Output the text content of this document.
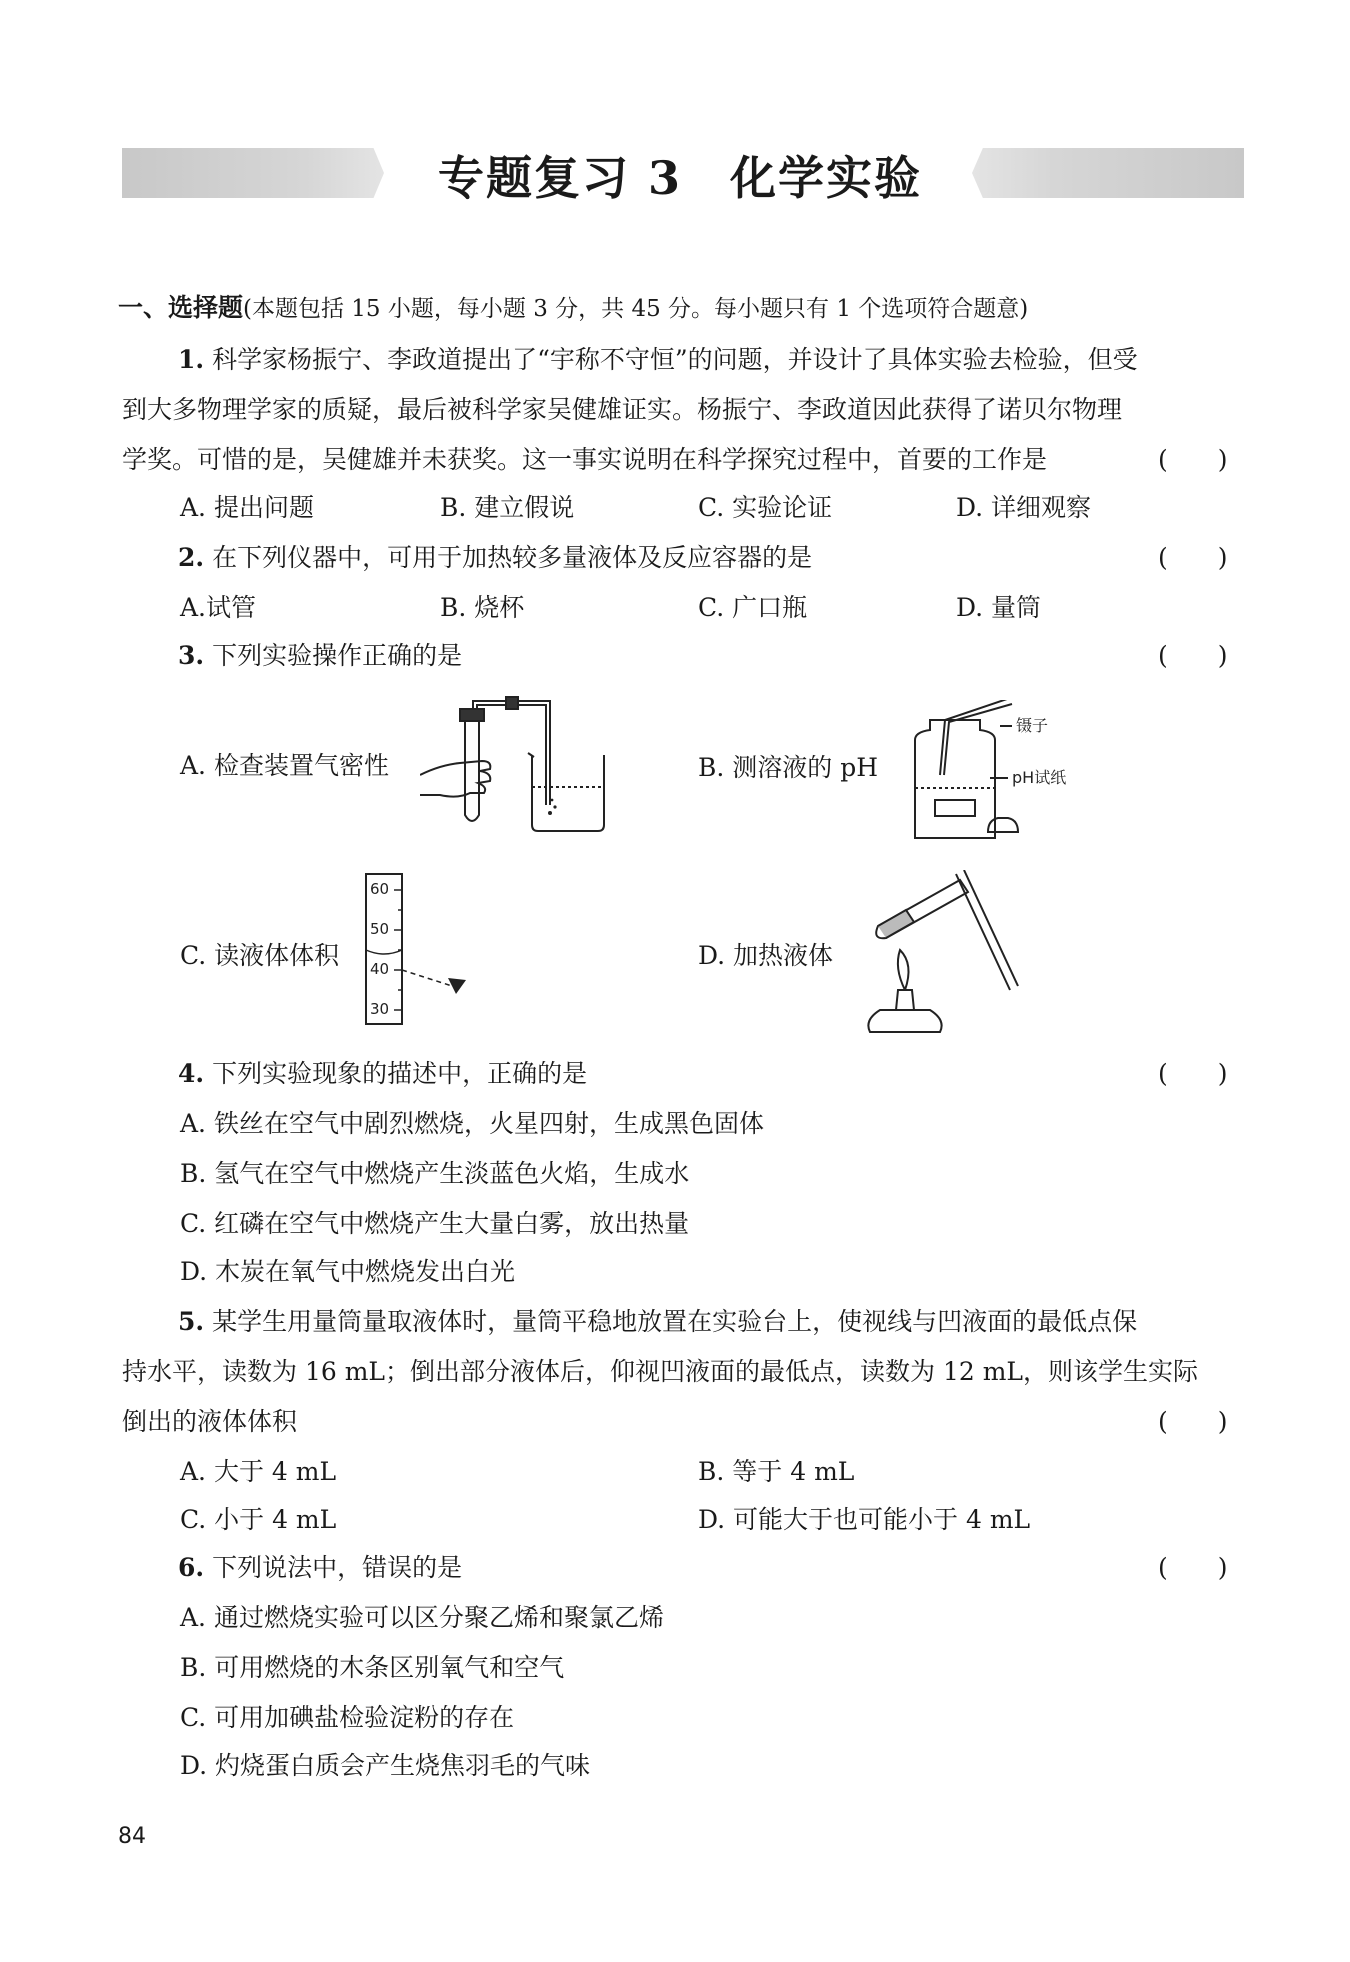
专题复习 3　化学实验
一、选择题(本题包括 15 小题，每小题 3 分，共 45 分。每小题只有 1 个选项符合题意)
1. 科学家杨振宁、李政道提出了“宇称不守恒”的问题，并设计了具体实验去检验，但受
到大多物理学家的质疑，最后被科学家吴健雄证实。杨振宁、李政道因此获得了诺贝尔物理
学奖。可惜的是，吴健雄并未获奖。这一事实说明在科学探究过程中，首要的工作是	(　　)
A. 提出问题	B. 建立假说	C. 实验论证	D. 详细观察
2. 在下列仪器中，可用于加热较多量液体及反应容器的是	(　　)
A.试管	B. 烧杯	C. 广口瓶	D. 量筒
3. 下列实验操作正确的是	(　　)
A. 检查装置气密性	B. 测溶液的 pH
C. 读液体体积	D. 加热液体
镊子
pH试纸
60
50
40
30
4. 下列实验现象的描述中，正确的是	(　　)
A. 铁丝在空气中剧烈燃烧，火星四射，生成黑色固体
B. 氢气在空气中燃烧产生淡蓝色火焰，生成水
C. 红磷在空气中燃烧产生大量白雾，放出热量
D. 木炭在氧气中燃烧发出白光
5. 某学生用量筒量取液体时，量筒平稳地放置在实验台上，使视线与凹液面的最低点保
持水平，读数为 16 mL；倒出部分液体后，仰视凹液面的最低点，读数为 12 mL，则该学生实际
倒出的液体体积	(　　)
A. 大于 4 mL	B. 等于 4 mL
C. 小于 4 mL	D. 可能大于也可能小于 4 mL
6. 下列说法中，错误的是	(　　)
A. 通过燃烧实验可以区分聚乙烯和聚氯乙烯
B. 可用燃烧的木条区别氧气和空气
C. 可用加碘盐检验淀粉的存在
D. 灼烧蛋白质会产生烧焦羽毛的气味
84
